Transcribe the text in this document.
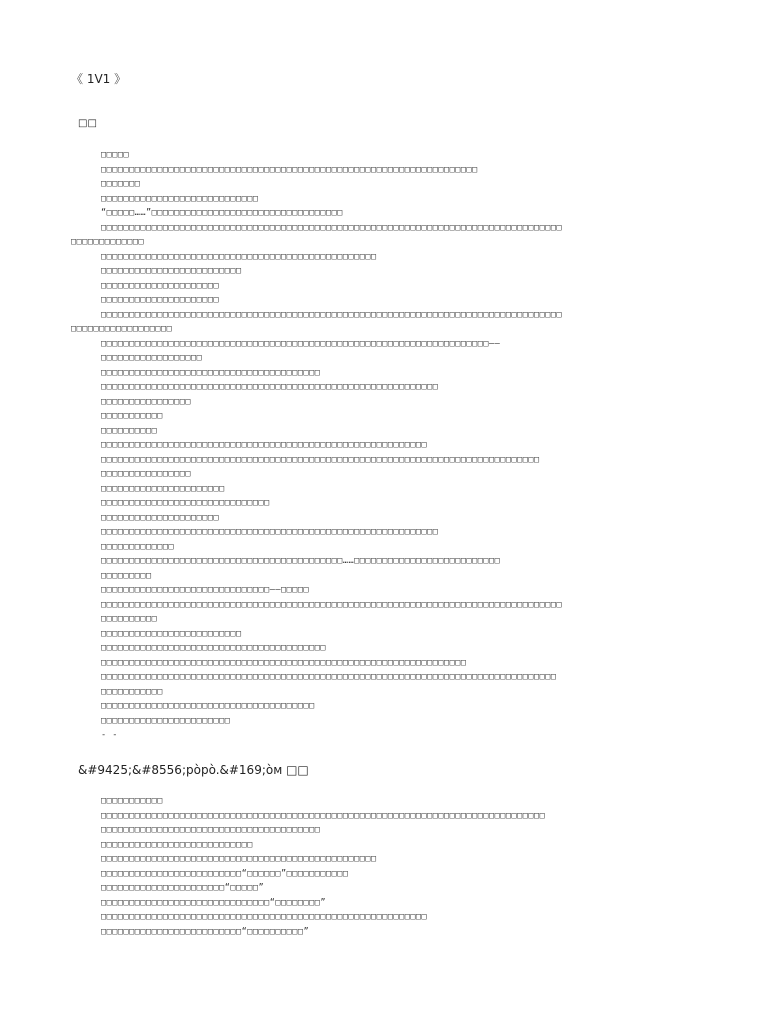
《 1V1 》
□□
□□□□□
□□□□□□□□□□□□□□□□□□□□□□□□□□□□□□□□□□□□□□□□□□□□□□□□□□□□□□□□□□□□□□□□□□□
□□□□□□□
□□□□□□□□□□□□□□□□□□□□□□□□□□□□
“□□□□□……”□□□□□□□□□□□□□□□□□□□□□□□□□□□□□□□□□□
□□□□□□□□□□□□□□□□□□□□□□□□□□□□□□□□□□□□□□□□□□□□□□□□□□□□□□□□□□□□□□□□□□□□□□□□□□□□□□□□□□
□□□□□□□□□□□□□
□□□□□□□□□□□□□□□□□□□□□□□□□□□□□□□□□□□□□□□□□□□□□□□□□
□□□□□□□□□□□□□□□□□□□□□□□□□
□□□□□□□□□□□□□□□□□□□□□
□□□□□□□□□□□□□□□□□□□□□
□□□□□□□□□□□□□□□□□□□□□□□□□□□□□□□□□□□□□□□□□□□□□□□□□□□□□□□□□□□□□□□□□□□□□□□□□□□□□□□□□□
□□□□□□□□□□□□□□□□□□
□□□□□□□□□□□□□□□□□□□□□□□□□□□□□□□□□□□□□□□□□□□□□□□□□□□□□□□□□□□□□□□□□□□□□——
□□□□□□□□□□□□□□□□□□
□□□□□□□□□□□□□□□□□□□□□□□□□□□□□□□□□□□□□□□
□□□□□□□□□□□□□□□□□□□□□□□□□□□□□□□□□□□□□□□□□□□□□□□□□□□□□□□□□□□□
□□□□□□□□□□□□□□□□
□□□□□□□□□□□
□□□□□□□□□□
□□□□□□□□□□□□□□□□□□□□□□□□□□□□□□□□□□□□□□□□□□□□□□□□□□□□□□□□□□
□□□□□□□□□□□□□□□□□□□□□□□□□□□□□□□□□□□□□□□□□□□□□□□□□□□□□□□□□□□□□□□□□□□□□□□□□□□□□□
□□□□□□□□□□□□□□□□
□□□□□□□□□□□□□□□□□□□□□□
□□□□□□□□□□□□□□□□□□□□□□□□□□□□□□
□□□□□□□□□□□□□□□□□□□□□
□□□□□□□□□□□□□□□□□□□□□□□□□□□□□□□□□□□□□□□□□□□□□□□□□□□□□□□□□□□□
□□□□□□□□□□□□□
□□□□□□□□□□□□□□□□□□□□□□□□□□□□□□□□□□□□□□□□□□□……□□□□□□□□□□□□□□□□□□□□□□□□□□
□□□□□□□□□
□□□□□□□□□□□□□□□□□□□□□□□□□□□□□□——□□□□□
□□□□□□□□□□□□□□□□□□□□□□□□□□□□□□□□□□□□□□□□□□□□□□□□□□□□□□□□□□□□□□□□□□□□□□□□□□□□□□□□□□
□□□□□□□□□□
□□□□□□□□□□□□□□□□□□□□□□□□□
□□□□□□□□□□□□□□□□□□□□□□□□□□□□□□□□□□□□□□□□
□□□□□□□□□□□□□□□□□□□□□□□□□□□□□□□□□□□□□□□□□□□□□□□□□□□□□□□□□□□□□□□□□
□□□□□□□□□□□□□□□□□□□□□□□□□□□□□□□□□□□□□□□□□□□□□□□□□□□□□□□□□□□□□□□□□□□□□□□□□□□□□□□□□
□□□□□□□□□□□
□□□□□□□□□□□□□□□□□□□□□□□□□□□□□□□□□□□□□□
□□□□□□□□□□□□□□□□□□□□□□□
- -
&#9425;&#8556;pòpò.&#169;òм □□
□□□□□□□□□□□
□□□□□□□□□□□□□□□□□□□□□□□□□□□□□□□□□□□□□□□□□□□□□□□□□□□□□□□□□□□□□□□□□□□□□□□□□□□□□□□
□□□□□□□□□□□□□□□□□□□□□□□□□□□□□□□□□□□□□□□
□□□□□□□□□□□□□□□□□□□□□□□□□□□
□□□□□□□□□□□□□□□□□□□□□□□□□□□□□□□□□□□□□□□□□□□□□□□□□
□□□□□□□□□□□□□□□□□□□□□□□□□“□□□□□□”□□□□□□□□□□□
□□□□□□□□□□□□□□□□□□□□□□“□□□□□”
□□□□□□□□□□□□□□□□□□□□□□□□□□□□□□“□□□□□□□□”
□□□□□□□□□□□□□□□□□□□□□□□□□□□□□□□□□□□□□□□□□□□□□□□□□□□□□□□□□□
□□□□□□□□□□□□□□□□□□□□□□□□□“□□□□□□□□□□”
